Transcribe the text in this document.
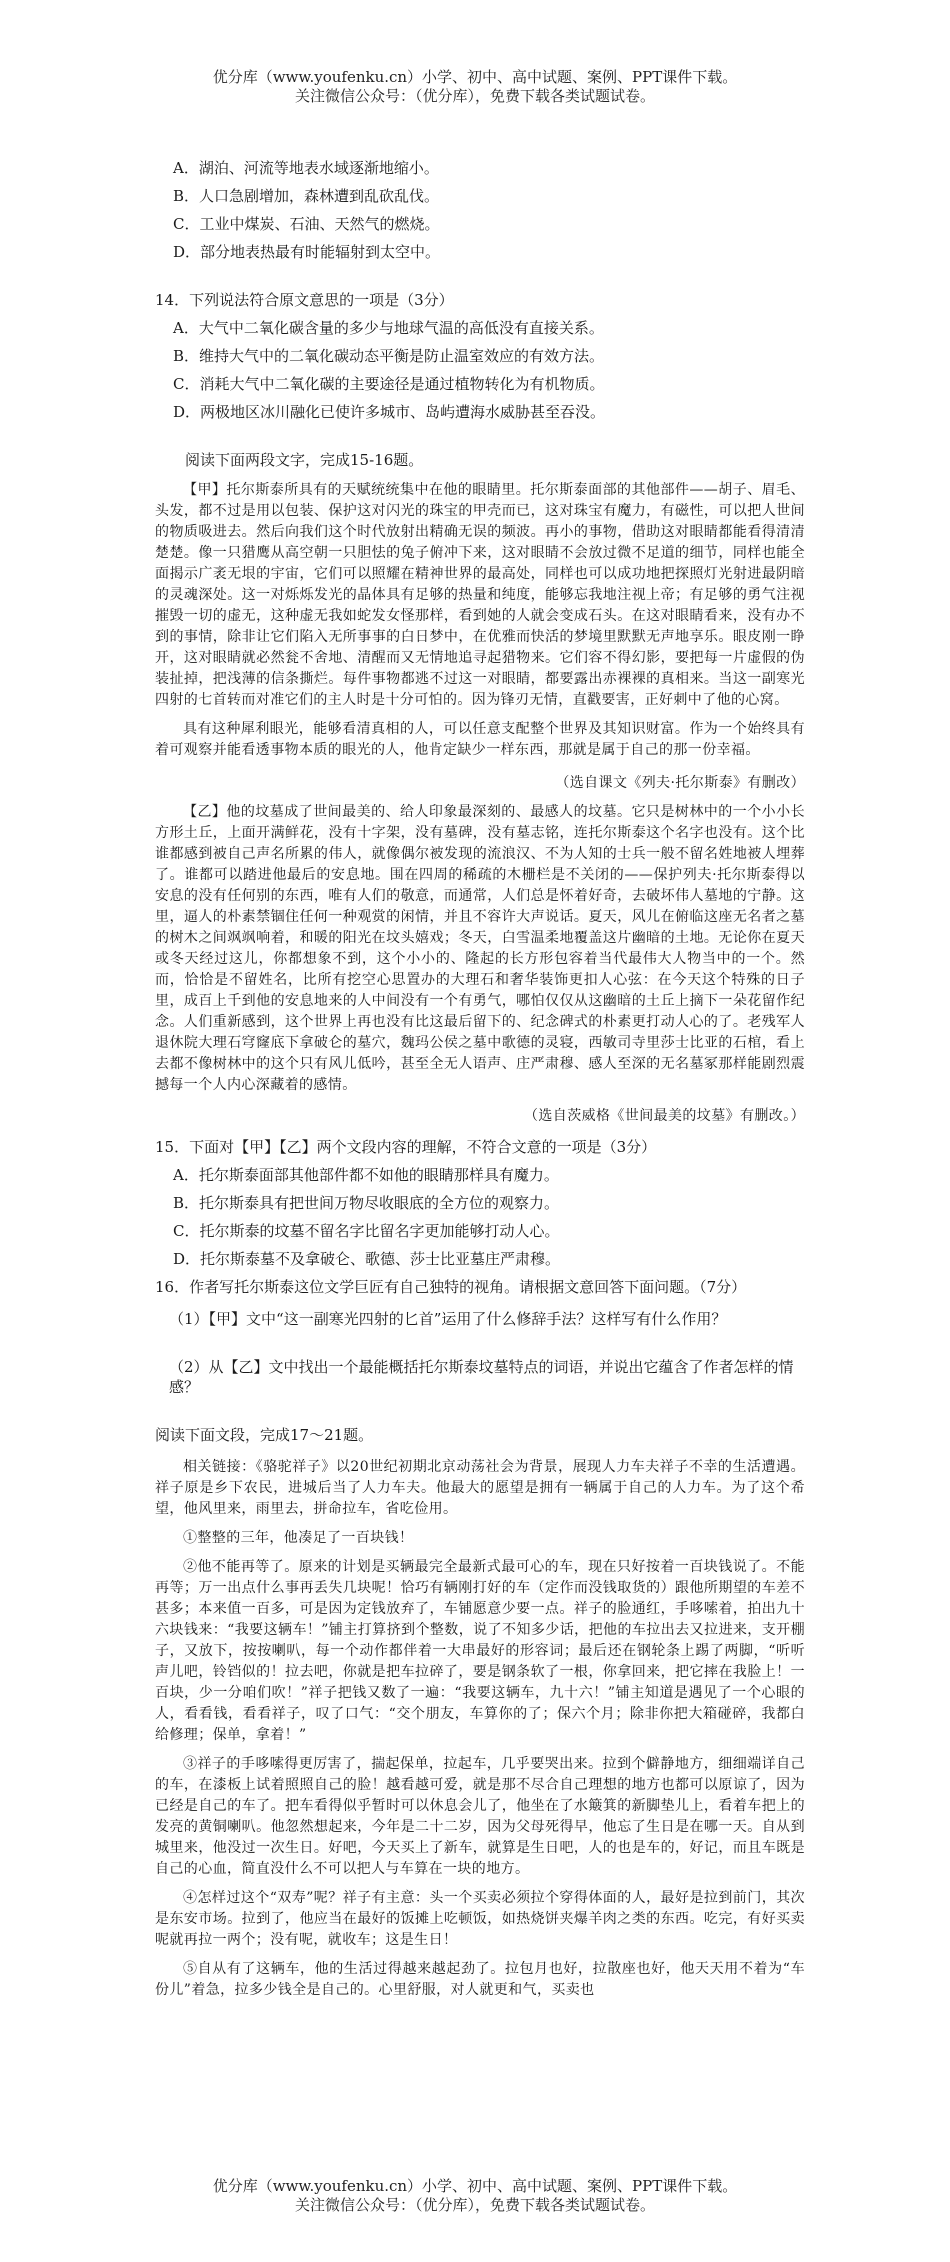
优分库（www.youfenku.cn）小学、初中、高中试题、案例、PPT课件下载。
关注微信公众号：（优分库），免费下载各类试题试卷。
A．湖泊、河流等地表水域逐渐地缩小。
B．人口急剧增加，森林遭到乱砍乱伐。
C．工业中煤炭、石油、天然气的燃烧。
D．部分地表热最有时能辐射到太空中。
14．下列说法符合原文意思的一项是（3分）
A．大气中二氧化碳含量的多少与地球气温的高低没有直接关系。
B．维持大气中的二氧化碳动态平衡是防止温室效应的有效方法。
C．消耗大气中二氧化碳的主要途径是通过植物转化为有机物质。
D．两极地区冰川融化已使许多城市、岛屿遭海水威胁甚至吞没。
阅读下面两段文字，完成15-16题。

【甲】托尔斯泰所具有的天赋统统集中在他的眼睛里。托尔斯泰面部的其他部件——胡子、眉毛、头发，都不过是用以包装、保护这对闪光的珠宝的甲壳而已，这对珠宝有魔力，有磁性，可以把人世间的物质吸进去。然后向我们这个时代放射出精确无误的频波。再小的事物，借助这对眼睛都能看得清清楚楚。像一只猎鹰从高空朝一只胆怯的兔子俯冲下来，这对眼睛不会放过微不足道的细节，同样也能全面揭示广袤无垠的宇宙，它们可以照耀在精神世界的最高处，同样也可以成功地把探照灯光射进最阴暗的灵魂深处。这一对烁烁发光的晶体具有足够的热量和纯度，能够忘我地注视上帝；有足够的勇气注视摧毁一切的虚无，这种虚无我如蛇发女怪那样，看到她的人就会变成石头。在这对眼睛看来，没有办不到的事情，除非让它们陷入无所事事的白日梦中，在优雅而快活的梦境里默默无声地享乐。眼皮刚一睁开，这对眼睛就必然瓮不舍地、清醒而又无情地追寻起猎物来。它们容不得幻影，要把每一片虚假的伪装扯掉，把浅薄的信条撕烂。每件事物都逃不过这一对眼睛，都要露出赤裸裸的真相来。当这一副寒光四射的七首转而对准它们的主人时是十分可怕的。因为锋刃无情，直戳要害，正好刺中了他的心窝。

具有这种犀利眼光，能够看清真相的人，可以任意支配整个世界及其知识财富。作为一个始终具有着可观察并能看透事物本质的眼光的人，他肯定缺少一样东西，那就是属于自己的那一份幸福。

（选自课文《列夫·托尔斯泰》有删改）

【乙】他的坟墓成了世间最美的、给人印象最深刻的、最感人的坟墓。它只是树林中的一个小小长方形土丘，上面开满鲜花，没有十字架，没有墓碑，没有墓志铭，连托尔斯泰这个名字也没有。这个比谁都感到被自己声名所累的伟人，就像偶尔被发现的流浪汉、不为人知的士兵一般不留名姓地被人埋葬了。谁都可以踏进他最后的安息地。围在四周的稀疏的木栅栏是不关闭的——保护列夫·托尔斯泰得以安息的没有任何别的东西，唯有人们的敬意，而通常，人们总是怀着好奇，去破坏伟人墓地的宁静。这里，逼人的朴素禁锢住任何一种观赏的闲情，并且不容许大声说话。夏天，风儿在俯临这座无名者之墓的树木之间飒飒响着，和暖的阳光在坟头嬉戏；冬天，白雪温柔地覆盖这片幽暗的土地。无论你在夏天或冬天经过这儿，你都想象不到，这个小小的、隆起的长方形包容着当代最伟大人物当中的一个。然而，恰恰是不留姓名，比所有挖空心思置办的大理石和奢华装饰更扣人心弦：在今天这个特殊的日子里，成百上千到他的安息地来的人中间没有一个有勇气，哪怕仅仅从这幽暗的土丘上摘下一朵花留作纪念。人们重新感到，这个世界上再也没有比这最后留下的、纪念碑式的朴素更打动人心的了。老残军人退休院大理石穹窿底下拿破仑的墓穴，魏玛公侯之墓中歌德的灵寝，西敏司寺里莎士比亚的石棺，看上去都不像树林中的这个只有风儿低吟，甚至全无人语声、庄严肃穆、感人至深的无名墓冢那样能剧烈震撼每一个人内心深藏着的感情。

（选自茨威格《世间最美的坟墓》有删改。）

15．下面对【甲】【乙】两个文段内容的理解，不符合文意的一项是（3分）
A．托尔斯泰面部其他部件都不如他的眼睛那样具有魔力。
B．托尔斯泰具有把世间万物尽收眼底的全方位的观察力。
C．托尔斯泰的坟墓不留名字比留名字更加能够打动人心。
D．托尔斯泰墓不及拿破仑、歌德、莎士比亚墓庄严肃穆。
16．作者写托尔斯泰这位文学巨匠有自己独特的视角。请根据文意回答下面问题。（7分）
（1）【甲】文中“这一副寒光四射的匕首”运用了什么修辞手法？这样写有什么作用？
（2）从【乙】文中找出一个最能概括托尔斯泰坟墓特点的词语，并说出它蕴含了作者怎样的情感？
阅读下面文段，完成17～21题。

相关链接：《骆驼祥子》以20世纪初期北京动荡社会为背景，展现人力车夫祥子不幸的生活遭遇。祥子原是乡下农民，进城后当了人力车夫。他最大的愿望是拥有一辆属于自己的人力车。为了这个希望，他风里来，雨里去，拼命拉车，省吃俭用。

①整整的三年，他凑足了一百块钱！

②他不能再等了。原来的计划是买辆最完全最新式最可心的车，现在只好按着一百块钱说了。不能再等；万一出点什么事再丢失几块呢！恰巧有辆刚打好的车（定作而没钱取货的）跟他所期望的车差不甚多；本来值一百多，可是因为定钱放弃了，车铺愿意少要一点。祥子的脸通红，手哆嗦着，拍出九十六块钱来：“我要这辆车！”铺主打算挤到个整数，说了不知多少话，把他的车拉出去又拉进来，支开棚子，又放下，按按喇叭，每一个动作都伴着一大串最好的形容词；最后还在钢轮条上踢了两脚，“听听声儿吧，铃铛似的！拉去吧，你就是把车拉碎了，要是钢条软了一根，你拿回来，把它摔在我脸上！一百块，少一分咱们吹！”祥子把钱又数了一遍：“我要这辆车，九十六！”铺主知道是遇见了一个心眼的人，看看钱，看看祥子，叹了口气：“交个朋友，车算你的了；保六个月；除非你把大箱碰碎，我都白给修理；保单，拿着！”

③祥子的手哆嗦得更厉害了，揣起保单，拉起车，几乎要哭出来。拉到个僻静地方，细细端详自己的车，在漆板上试着照照自己的脸！越看越可爱，就是那不尽合自己理想的地方也都可以原谅了，因为已经是自己的车了。把车看得似乎暂时可以休息会儿了，他坐在了水簸箕的新脚垫儿上，看着车把上的发亮的黄铜喇叭。他忽然想起来，今年是二十二岁，因为父母死得早，他忘了生日是在哪一天。自从到城里来，他没过一次生日。好吧，今天买上了新车，就算是生日吧，人的也是车的，好记，而且车既是自己的心血，简直没什么不可以把人与车算在一块的地方。

④怎样过这个“双寿”呢？祥子有主意：头一个买卖必须拉个穿得体面的人，最好是拉到前门，其次是东安市场。拉到了，他应当在最好的饭摊上吃顿饭，如热烧饼夹爆羊肉之类的东西。吃完，有好买卖呢就再拉一两个；没有呢，就收车；这是生日！

⑤自从有了这辆车，他的生活过得越来越起劲了。拉包月也好，拉散座也好，他天天用不着为“车份儿”着急，拉多少钱全是自己的。心里舒服，对人就更和气，买卖也

优分库（www.youfenku.cn）小学、初中、高中试题、案例、PPT课件下载。
关注微信公众号：（优分库），免费下载各类试题试卷。
